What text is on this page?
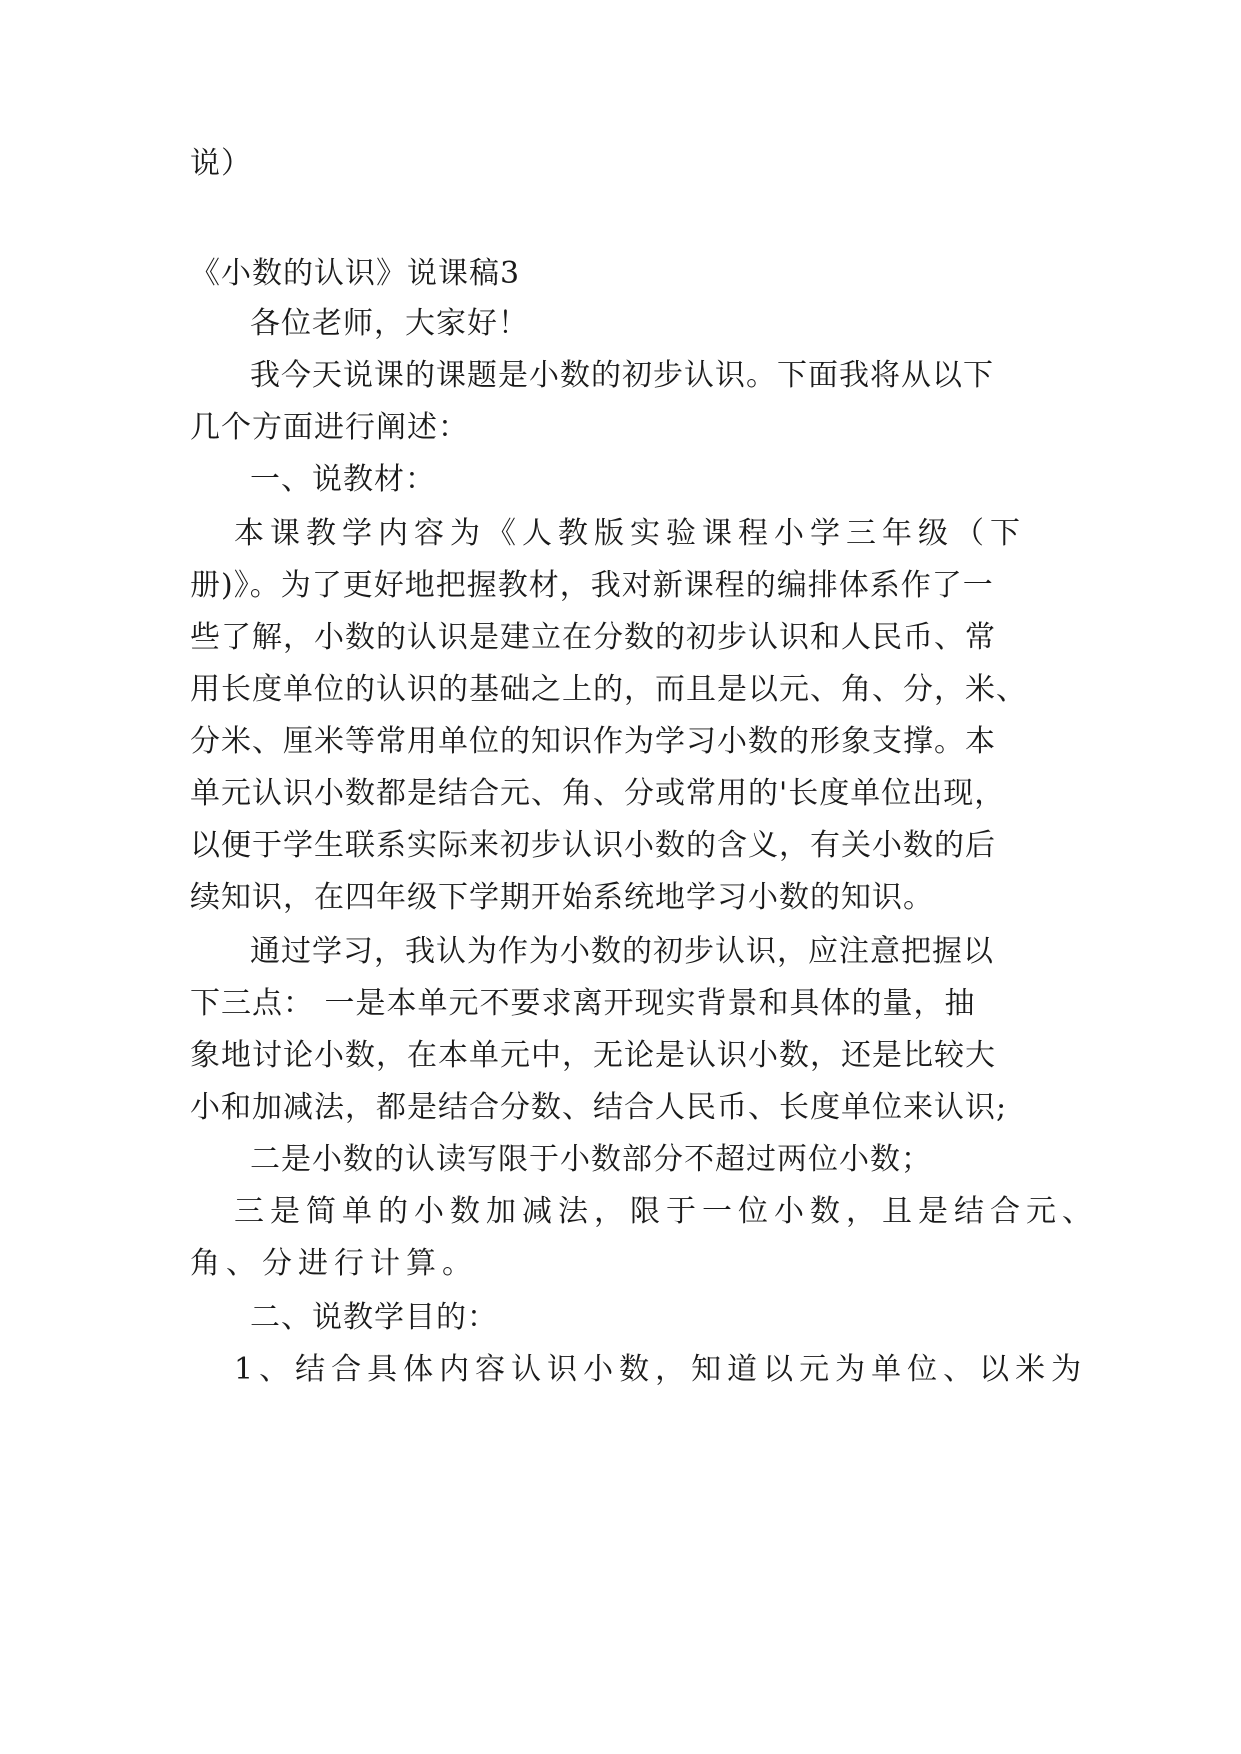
说）
《小数的认识》说课稿3
各位老师，大家好！
我今天说课的课题是小数的初步认识。下面我将从以下
几个方面进行阐述：
一、说教材：
本课教学内容为《人教版实验课程小学三年级（下
册)》。为了更好地把握教材，我对新课程的编排体系作了一
些了解，小数的认识是建立在分数的初步认识和人民币、常
用长度单位的认识的基础之上的，而且是以元、角、分，米、
分米、厘米等常用单位的知识作为学习小数的形象支撑。本
单元认识小数都是结合元、角、分或常用的'长度单位出现，
以便于学生联系实际来初步认识小数的含义，有关小数的后
续知识，在四年级下学期开始系统地学习小数的知识。
通过学习，我认为作为小数的初步认识，应注意把握以
下三点： 一是本单元不要求离开现实背景和具体的量，抽
象地讨论小数，在本单元中，无论是认识小数，还是比较大
小和加减法，都是结合分数、结合人民币、长度单位来认识;
二是小数的认读写限于小数部分不超过两位小数；
三是简单的小数加减法，限于一位小数，且是结合元、
角、分进行计算。
二、说教学目的：
1、结合具体内容认识小数，知道以元为单位、以米为
